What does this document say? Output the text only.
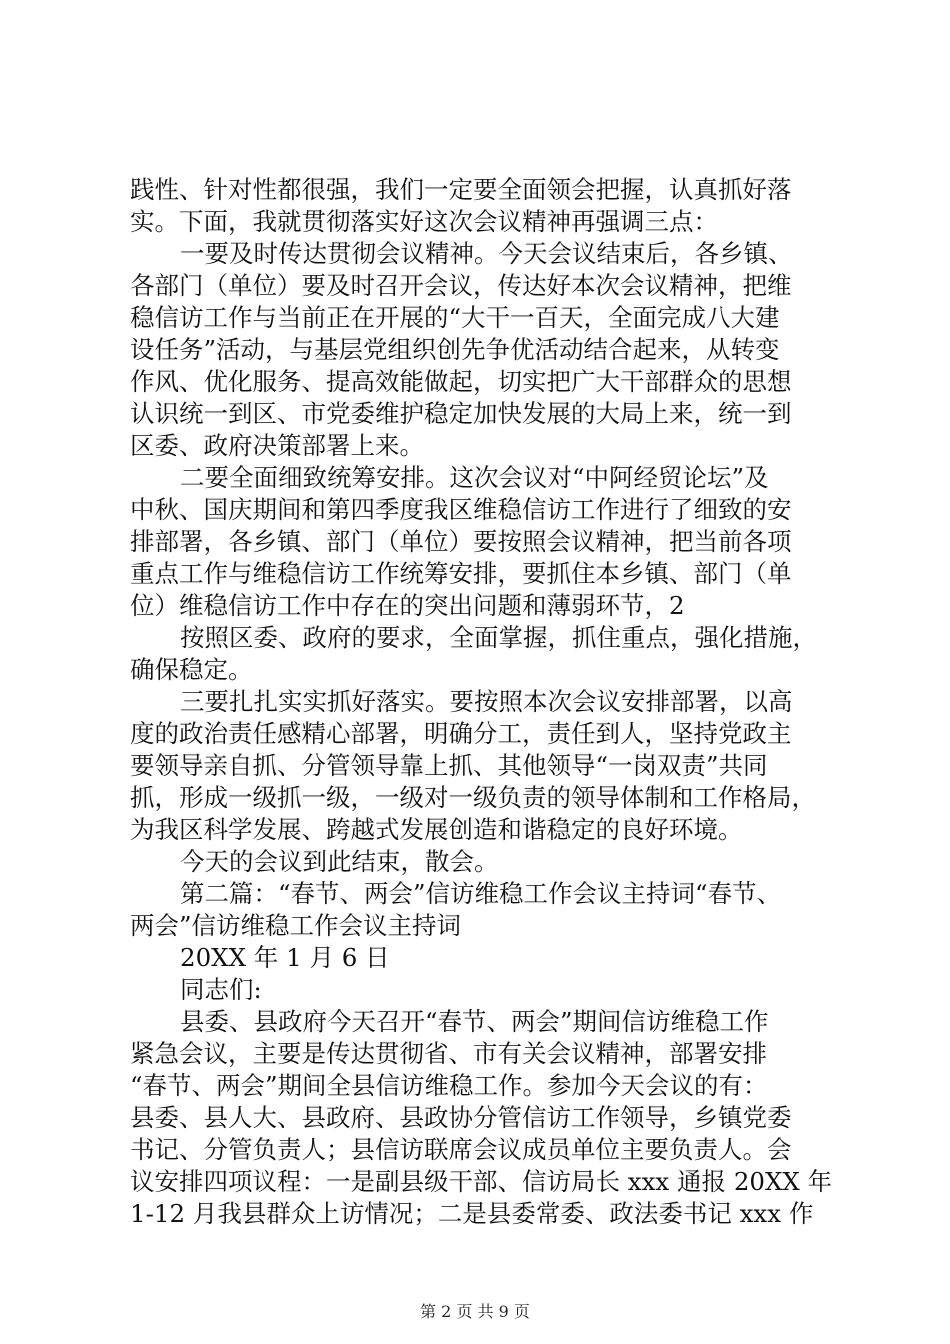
践性、针对性都很强，我们一定要全面领会把握，认真抓好落
实。下面，我就贯彻落实好这次会议精神再强调三点：
一要及时传达贯彻会议精神。今天会议结束后，各乡镇、
各部门（单位）要及时召开会议，传达好本次会议精神，把维
稳信访工作与当前正在开展的“大干一百天，全面完成八大建
设任务”活动，与基层党组织创先争优活动结合起来，从转变
作风、优化服务、提高效能做起，切实把广大干部群众的思想
认识统一到区、市党委维护稳定加快发展的大局上来，统一到
区委、政府决策部署上来。
二要全面细致统筹安排。这次会议对“中阿经贸论坛”及
中秋、国庆期间和第四季度我区维稳信访工作进行了细致的安
排部署，各乡镇、部门（单位）要按照会议精神，把当前各项
重点工作与维稳信访工作统筹安排，要抓住本乡镇、部门（单
位）维稳信访工作中存在的突出问题和薄弱环节，2
按照区委、政府的要求，全面掌握，抓住重点，强化措施，
确保稳定。
三要扎扎实实抓好落实。要按照本次会议安排部署，以高
度的政治责任感精心部署，明确分工，责任到人，坚持党政主
要领导亲自抓、分管领导靠上抓、其他领导“一岗双责”共同
抓，形成一级抓一级，一级对一级负责的领导体制和工作格局，
为我区科学发展、跨越式发展创造和谐稳定的良好环境。
今天的会议到此结束，散会。
第二篇：“春节、两会”信访维稳工作会议主持词“春节、
两会”信访维稳工作会议主持词
20XX 年 1 月 6 日
同志们:
县委、县政府今天召开“春节、两会”期间信访维稳工作
紧急会议，主要是传达贯彻省、市有关会议精神，部署安排
“春节、两会”期间全县信访维稳工作。参加今天会议的有：
县委、县人大、县政府、县政协分管信访工作领导，乡镇党委
书记、分管负责人；县信访联席会议成员单位主要负责人。会
议安排四项议程：一是副县级干部、信访局长 xxx 通报 20XX 年
1-12 月我县群众上访情况；二是县委常委、政法委书记 xxx 作
第 2 页 共 9 页
